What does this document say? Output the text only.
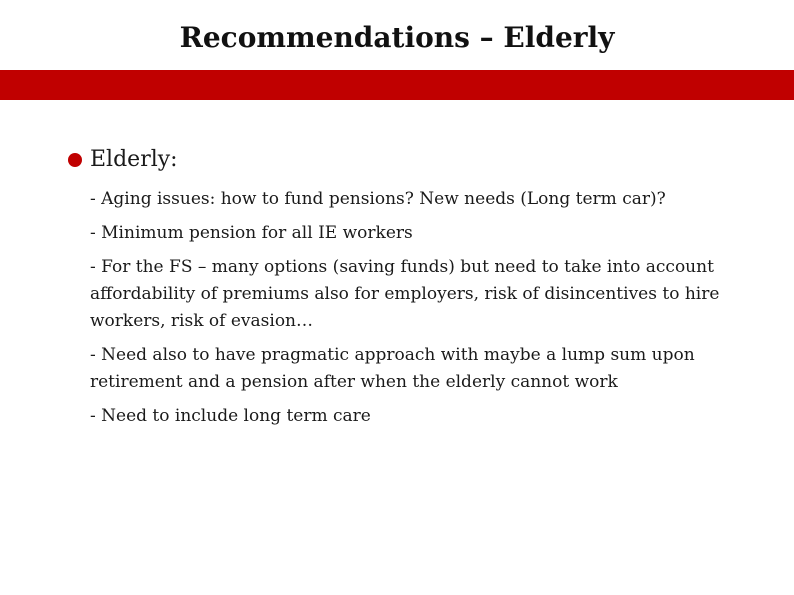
Recommendations – Elderly
Elderly:
- Aging issues: how to fund pensions? New needs (Long term car)?
- Minimum pension for all IE workers
- For the FS – many options (saving funds) but need to take into account affordability of premiums also for employers, risk of disincentives to hire workers, risk of evasion…
- Need also to have pragmatic approach with maybe a lump sum upon retirement and a pension after when the elderly cannot work
- Need to include long term care
